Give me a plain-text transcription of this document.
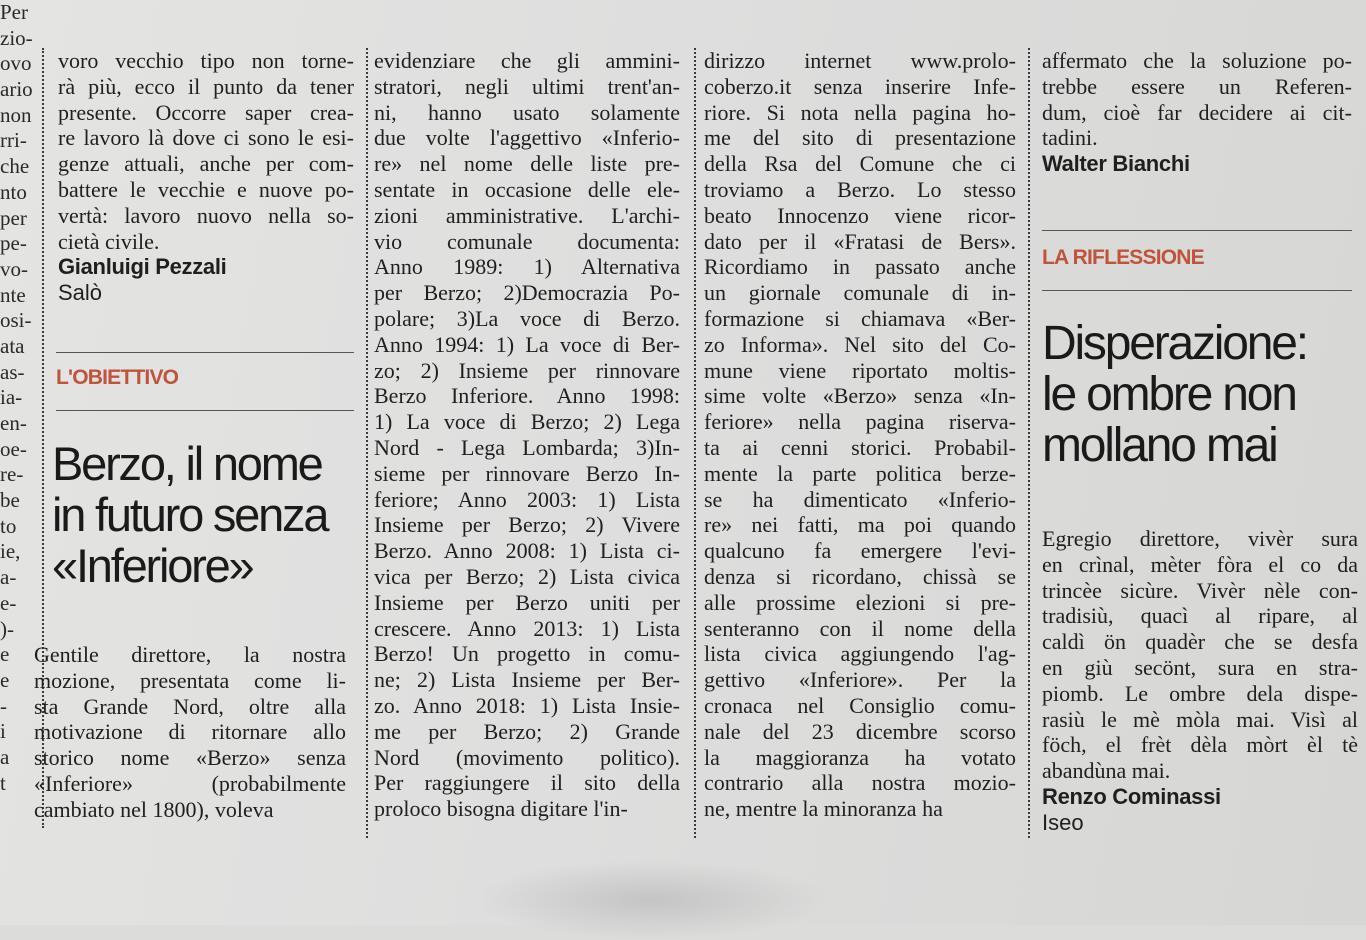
Per
zio-
ovo
ario
non
rri-
che
nto
per
pe-
vo-
nte
osi-
ata
as-
ia-
en-
oe-
re-
be
to
ie,
a-
e-
)-
e
e
-
i
a
t
voro vecchio tipo non torne-
rà più, ecco il punto da tener
presente. Occorre saper crea-
re lavoro là dove ci sono le esi-
genze attuali, anche per com-
battere le vecchie e nuove po-
vertà: lavoro nuovo nella so-
cietà civile.
Gianluigi Pezzali
Salò
L'OBIETTIVO
Berzo, il nome
in futuro senza
«Inferiore»
Gentile direttore, la nostra
mozione, presentata come li-
sta Grande Nord, oltre alla
motivazione di ritornare allo
storico nome «Berzo» senza
«Inferiore» (probabilmente
cambiato nel 1800), voleva
evidenziare che gli ammini-
stratori, negli ultimi trent'an-
ni, hanno usato solamente
due volte l'aggettivo «Inferio-
re» nel nome delle liste pre-
sentate in occasione delle ele-
zioni amministrative. L'archi-
vio comunale documenta:
Anno 1989: 1) Alternativa
per Berzo; 2)Democrazia Po-
polare; 3)La voce di Berzo.
Anno 1994: 1) La voce di Ber-
zo; 2) Insieme per rinnovare
Berzo Inferiore. Anno 1998:
1) La voce di Berzo; 2) Lega
Nord - Lega Lombarda; 3)In-
sieme per rinnovare Berzo In-
feriore; Anno 2003: 1) Lista
Insieme per Berzo; 2) Vivere
Berzo. Anno 2008: 1) Lista ci-
vica per Berzo; 2) Lista civica
Insieme per Berzo uniti per
crescere. Anno 2013: 1) Lista
Berzo! Un progetto in comu-
ne; 2) Lista Insieme per Ber-
zo. Anno 2018: 1) Lista Insie-
me per Berzo; 2) Grande
Nord (movimento politico).
Per raggiungere il sito della
proloco bisogna digitare l'in-
dirizzo internet www.prolo-
coberzo.it senza inserire Infe-
riore. Si nota nella pagina ho-
me del sito di presentazione
della Rsa del Comune che ci
troviamo a Berzo. Lo stesso
beato Innocenzo viene ricor-
dato per il «Fratasi de Bers».
Ricordiamo in passato anche
un giornale comunale di in-
formazione si chiamava «Ber-
zo Informa». Nel sito del Co-
mune viene riportato moltis-
sime volte «Berzo» senza «In-
feriore» nella pagina riserva-
ta ai cenni storici. Probabil-
mente la parte politica berze-
se ha dimenticato «Inferio-
re» nei fatti, ma poi quando
qualcuno fa emergere l'evi-
denza si ricordano, chissà se
alle prossime elezioni si pre-
senteranno con il nome della
lista civica aggiungendo l'ag-
gettivo «Inferiore». Per la
cronaca nel Consiglio comu-
nale del 23 dicembre scorso
la maggioranza ha votato
contrario alla nostra mozio-
ne, mentre la minoranza ha
affermato che la soluzione po-
trebbe essere un Referen-
dum, cioè far decidere ai cit-
tadini.
Walter Bianchi
LA RIFLESSIONE
Disperazione:
le ombre non
mollano mai
Egregio direttore, vivèr sura
en crìnal, mèter fòra el co da
trincèe sicùre. Vivèr nèle con-
tradisiù, quacì al ripare, al
caldì ön quadèr che se desfa
en giù secönt, sura en stra-
piomb. Le ombre dela dispe-
rasiù le mè mòla mai. Visì al
föch, el frèt dèla mòrt èl tè
abandùna mai.
Renzo Cominassi
Iseo
